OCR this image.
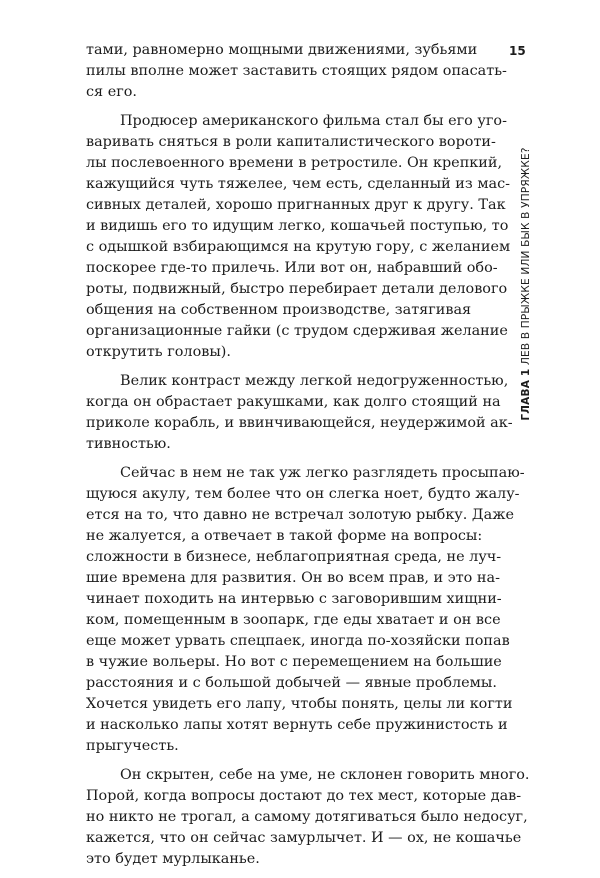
15
ГЛАВА 1 ЛЕВ В ПРЫЖКЕ ИЛИ БЫК В УПРЯЖКЕ?
тами, равномерно мощными движениями, зубьями
пилы вполне может заставить стоящих рядом опасать-
ся его.
Продюсер американского фильма стал бы его уго-
варивать сняться в роли капиталистического вороти-
лы послевоенного времени в ретростиле. Он крепкий,
кажущийся чуть тяжелее, чем есть, сделанный из мас-
сивных деталей, хорошо пригнанных друг к другу. Так
и видишь его то идущим легко, кошачьей поступью, то
с одышкой взбирающимся на крутую гору, с желанием
поскорее где-то прилечь. Или вот он, набравший обо-
роты, подвижный, быстро перебирает детали делового
общения на собственном производстве, затягивая
организационные гайки (с трудом сдерживая желание
открутить головы).
Велик контраст между легкой недогруженностью,
когда он обрастает ракушками, как долго стоящий на
приколе корабль, и ввинчивающейся, неудержимой ак-
тивностью.
Сейчас в нем не так уж легко разглядеть просыпаю-
щуюся акулу, тем более что он слегка ноет, будто жалу-
ется на то, что давно не встречал золотую рыбку. Даже
не жалуется, а отвечает в такой форме на вопросы:
сложности в бизнесе, неблагоприятная среда, не луч-
шие времена для развития. Он во всем прав, и это на-
чинает походить на интервью с заговорившим хищни-
ком, помещенным в зоопарк, где еды хватает и он все
еще может урвать спецпаек, иногда по-хозяйски попав
в чужие вольеры. Но вот с перемещением на большие
расстояния и с большой добычей — явные проблемы.
Хочется увидеть его лапу, чтобы понять, целы ли когти
и насколько лапы хотят вернуть себе пружинистость и
прыгучесть.
Он скрытен, себе на уме, не склонен говорить много.
Порой, когда вопросы достают до тех мест, которые дав-
но никто не трогал, а самому дотягиваться было недосуг,
кажется, что он сейчас замурлычет. И — ох, не кошачье
это будет мурлыканье.
